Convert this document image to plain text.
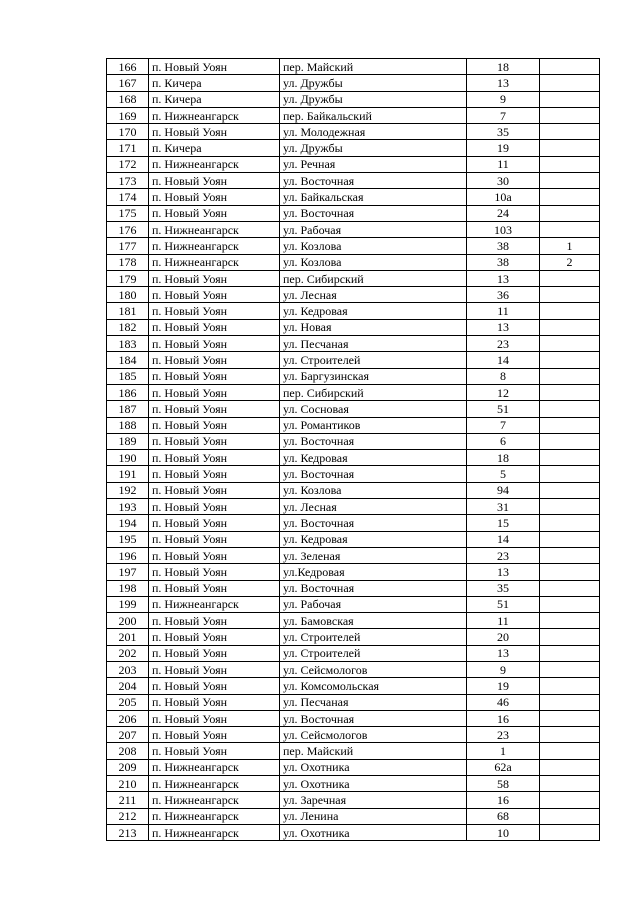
166	п. Новый Уоян	пер. Майский	18	
167	п. Кичера	ул. Дружбы	13	
168	п. Кичера	ул. Дружбы	9	
169	п. Нижнеангарск	пер. Байкальский	7	
170	п. Новый Уоян	ул. Молодежная	35	
171	п. Кичера	ул. Дружбы	19	
172	п. Нижнеангарск	ул. Речная	11	
173	п. Новый Уоян	ул. Восточная	30	
174	п. Новый Уоян	ул. Байкальская	10а	
175	п. Новый Уоян	ул. Восточная	24	
176	п. Нижнеангарск	ул. Рабочая	103	
177	п. Нижнеангарск	ул. Козлова	38	1
178	п. Нижнеангарск	ул. Козлова	38	2
179	п. Новый Уоян	пер. Сибирский	13	
180	п. Новый Уоян	ул. Лесная	36	
181	п. Новый Уоян	ул. Кедровая	11	
182	п. Новый Уоян	ул. Новая	13	
183	п. Новый Уоян	ул. Песчаная	23	
184	п. Новый Уоян	ул. Строителей	14	
185	п. Новый Уоян	ул. Баргузинская	8	
186	п. Новый Уоян	пер. Сибирский	12	
187	п. Новый Уоян	ул. Сосновая	51	
188	п. Новый Уоян	ул. Романтиков	7	
189	п. Новый Уоян	ул. Восточная	6	
190	п. Новый Уоян	ул. Кедровая	18	
191	п. Новый Уоян	ул. Восточная	5	
192	п. Новый Уоян	ул. Козлова	94	
193	п. Новый Уоян	ул. Лесная	31	
194	п. Новый Уоян	ул. Восточная	15	
195	п. Новый Уоян	ул. Кедровая	14	
196	п. Новый Уоян	ул. Зеленая	23	
197	п. Новый Уоян	ул.Кедровая	13	
198	п. Новый Уоян	ул. Восточная	35	
199	п. Нижнеангарск	ул. Рабочая	51	
200	п. Новый Уоян	ул. Бамовская	11	
201	п. Новый Уоян	ул. Строителей	20	
202	п. Новый Уоян	ул. Строителей	13	
203	п. Новый Уоян	ул. Сейсмологов	9	
204	п. Новый Уоян	ул. Комсомольская	19	
205	п. Новый Уоян	ул. Песчаная	46	
206	п. Новый Уоян	ул. Восточная	16	
207	п. Новый Уоян	ул. Сейсмологов	23	
208	п. Новый Уоян	пер. Майский	1	
209	п. Нижнеангарск	ул. Охотника	62а	
210	п. Нижнеангарск	ул. Охотника	58	
211	п. Нижнеангарск	ул. Заречная	16	
212	п. Нижнеангарск	ул. Ленина	68	
213	п. Нижнеангарск	ул. Охотника	10	
